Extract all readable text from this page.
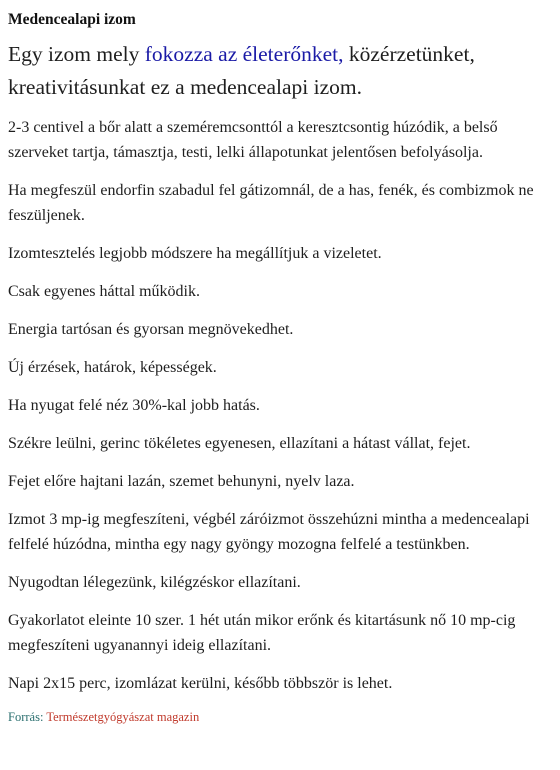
Medencealapi izom

Egy izom mely fokozza az életerőnket, közérzetünket, kreativitásunkat ez a medencealapi izom.

2-3 centivel a bőr alatt a szeméremcsonttól a keresztcsontig húzódik, a belső szerveket tartja, támasztja, testi, lelki állapotunkat jelentősen befolyásolja.

Ha megfeszül endorfin szabadul fel gátizomnál, de a has, fenék, és combizmok ne feszüljenek.

Izomtesztelés legjobb módszere ha megállítjuk a vizeletet.

Csak egyenes háttal működik.

Energia tartósan és gyorsan megnövekedhet.

Új érzések, határok, képességek.

Ha nyugat felé néz 30%-kal jobb hatás.

Székre leülni, gerinc tökéletes egyenesen, ellazítani a hátast vállat, fejet.

Fejet előre hajtani lazán, szemet behunyni, nyelv laza.

Izmot 3 mp-ig megfeszíteni, végbél záróizmot összehúzni mintha a medencealapi felfelé húzódna, mintha egy nagy gyöngy mozogna felfelé a testünkben.

Nyugodtan lélegezünk, kilégzéskor ellazítani.

Gyakorlatot eleinte 10 szer. 1 hét után mikor erőnk és kitartásunk nő 10 mp-cig megfeszíteni ugyanannyi ideig ellazítani.

Napi 2x15 perc, izomlázat kerülni, később többször is lehet.

Forrás: Természetgyógyászat magazin
